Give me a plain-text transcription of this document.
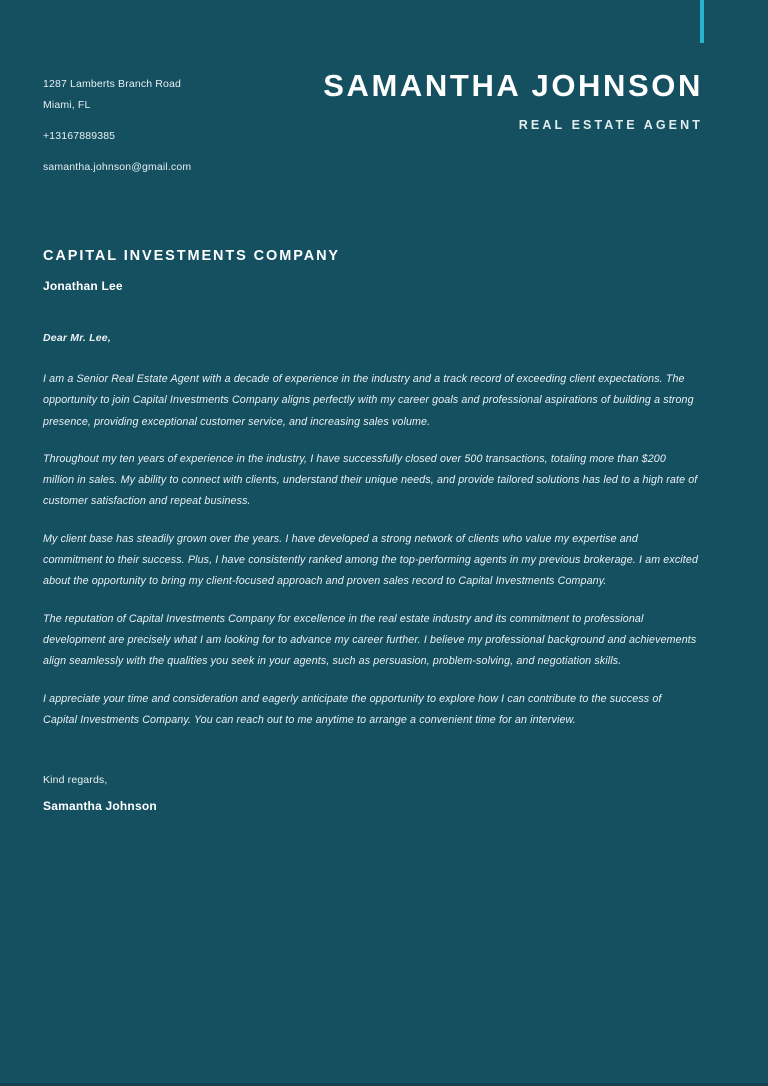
1287 Lamberts Branch Road
Miami, FL
+13167889385
samantha.johnson@gmail.com
SAMANTHA JOHNSON
REAL ESTATE AGENT
CAPITAL INVESTMENTS COMPANY
Jonathan Lee
Dear Mr. Lee,

I am a Senior Real Estate Agent with a decade of experience in the industry and a track record of exceeding client expectations. The opportunity to join Capital Investments Company aligns perfectly with my career goals and professional aspirations of building a strong presence, providing exceptional customer service, and increasing sales volume.

Throughout my ten years of experience in the industry, I have successfully closed over 500 transactions, totaling more than $200 million in sales. My ability to connect with clients, understand their unique needs, and provide tailored solutions has led to a high rate of customer satisfaction and repeat business.

My client base has steadily grown over the years. I have developed a strong network of clients who value my expertise and commitment to their success. Plus, I have consistently ranked among the top-performing agents in my previous brokerage. I am excited about the opportunity to bring my client-focused approach and proven sales record to Capital Investments Company.

The reputation of Capital Investments Company for excellence in the real estate industry and its commitment to professional development are precisely what I am looking for to advance my career further. I believe my professional background and achievements align seamlessly with the qualities you seek in your agents, such as persuasion, problem-solving, and negotiation skills.

I appreciate your time and consideration and eagerly anticipate the opportunity to explore how I can contribute to the success of Capital Investments Company. You can reach out to me anytime to arrange a convenient time for an interview.

Kind regards,
Samantha Johnson
